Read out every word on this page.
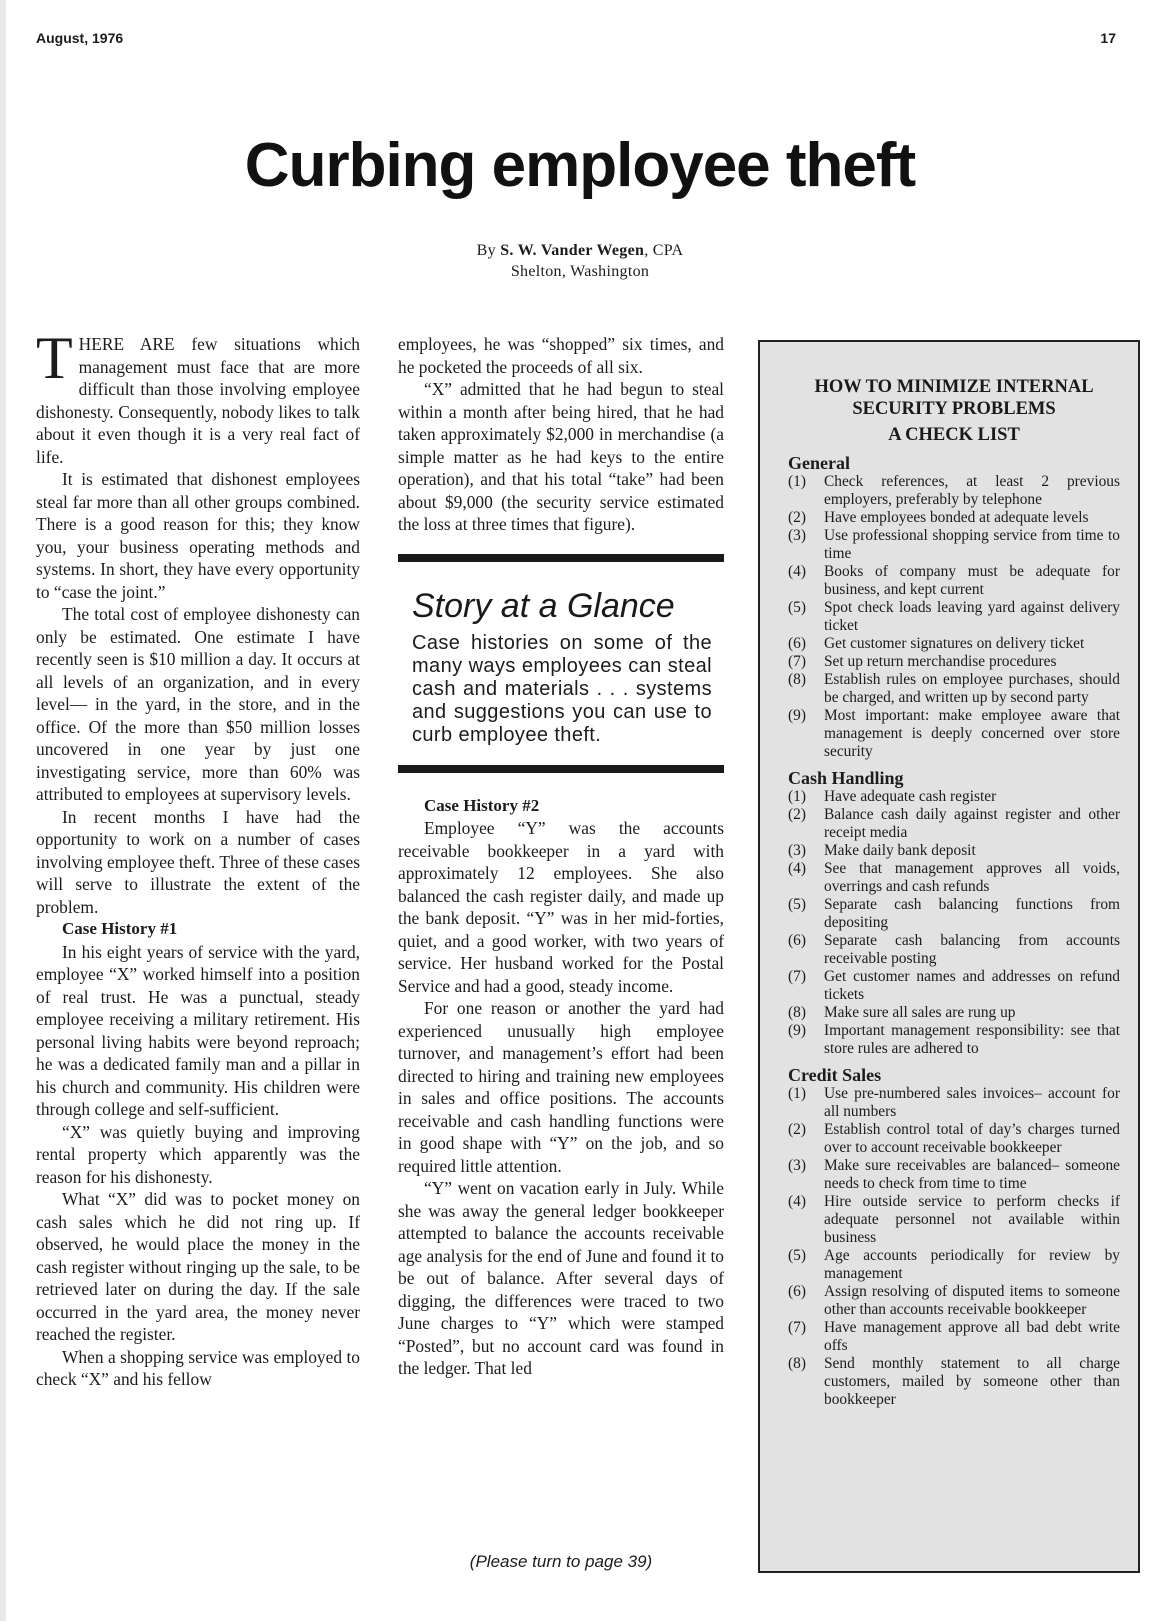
August, 1976	17
Curbing employee theft
By S. W. Vander Wegen, CPA
Shelton, Washington

THERE ARE few situations which management must face that are more difficult than those involving employee dishonesty. Consequently, nobody likes to talk about it even though it is a very real fact of life.

It is estimated that dishonest employees steal far more than all other groups combined. There is a good reason for this; they know you, your business operating methods and systems. In short, they have every opportunity to “case the joint.”

The total cost of employee dishonesty can only be estimated. One estimate I have recently seen is $10 million a day. It occurs at all levels of an organization, and in every level— in the yard, in the store, and in the office. Of the more than $50 million losses uncovered in one year by just one investigating service, more than 60% was attributed to employees at supervisory levels.

In recent months I have had the opportunity to work on a number of cases involving employee theft. Three of these cases will serve to illustrate the extent of the problem.

Case History #1

In his eight years of service with the yard, employee “X” worked himself into a position of real trust. He was a punctual, steady employee receiving a military retirement. His personal living habits were beyond reproach; he was a dedicated family man and a pillar in his church and community. His children were through college and self-sufficient.

“X” was quietly buying and improving rental property which apparently was the reason for his dishonesty.

What “X” did was to pocket money on cash sales which he did not ring up. If observed, he would place the money in the cash register without ringing up the sale, to be retrieved later on during the day. If the sale occurred in the yard area, the money never reached the register.

When a shopping service was employed to check “X” and his fellow

employees, he was “shopped” six times, and he pocketed the proceeds of all six.

“X” admitted that he had begun to steal within a month after being hired, that he had taken approximately $2,000 in merchandise (a simple matter as he had keys to the entire operation), and that his total “take” had been about $9,000 (the security service estimated the loss at three times that figure).

Story at a Glance
Case histories on some of the many ways employees can steal cash and materials . . . systems and suggestions you can use to curb employee theft.

Case History #2

Employee “Y” was the accounts receivable bookkeeper in a yard with approximately 12 employees. She also balanced the cash register daily, and made up the bank deposit. “Y” was in her mid-forties, quiet, and a good worker, with two years of service. Her husband worked for the Postal Service and had a good, steady income.

For one reason or another the yard had experienced unusually high employee turnover, and management’s effort had been directed to hiring and training new employees in sales and office positions. The accounts receivable and cash handling functions were in good shape with “Y” on the job, and so required little attention.

“Y” went on vacation early in July. While she was away the general ledger bookkeeper attempted to balance the accounts receivable age analysis for the end of June and found it to be out of balance. After several days of digging, the differences were traced to two June charges to “Y” which were stamped “Posted”, but no account card was found in the ledger. That led

(Please turn to page 39)

HOW TO MINIMIZE INTERNAL

SECURITY PROBLEMS

A CHECK LIST

General
(1)	Check references, at least 2 previous employers, preferably by telephone
(2)	Have employees bonded at adequate levels
(3)	Use professional shopping service from time to time
(4)	Books of company must be adequate for business, and kept current
(5)	Spot check loads leaving yard against delivery ticket
(6)	Get customer signatures on delivery ticket
(7)	Set up return merchandise procedures
(8)	Establish rules on employee purchases, should be charged, and written up by second party
(9)	Most important: make employee aware that management is deeply concerned over store security
Cash Handling
(1)	Have adequate cash register
(2)	Balance cash daily against register and other receipt media
(3)	Make daily bank deposit
(4)	See that management approves all voids, overrings and cash refunds
(5)	Separate cash balancing functions from depositing
(6)	Separate cash balancing from accounts receivable posting
(7)	Get customer names and addresses on refund tickets
(8)	Make sure all sales are rung up
(9)	Important management responsibility: see that store rules are adhered to
Credit Sales
(1)	Use pre-numbered sales invoices– account for all numbers
(2)	Establish control total of day’s charges turned over to account receivable bookkeeper
(3)	Make sure receivables are balanced– someone needs to check from time to time
(4)	Hire outside service to perform checks if adequate personnel not available within business
(5)	Age accounts periodically for review by management
(6)	Assign resolving of disputed items to someone other than accounts receivable bookkeeper
(7)	Have management approve all bad debt write offs
(8)	Send monthly statement to all charge customers, mailed by someone other than bookkeeper
